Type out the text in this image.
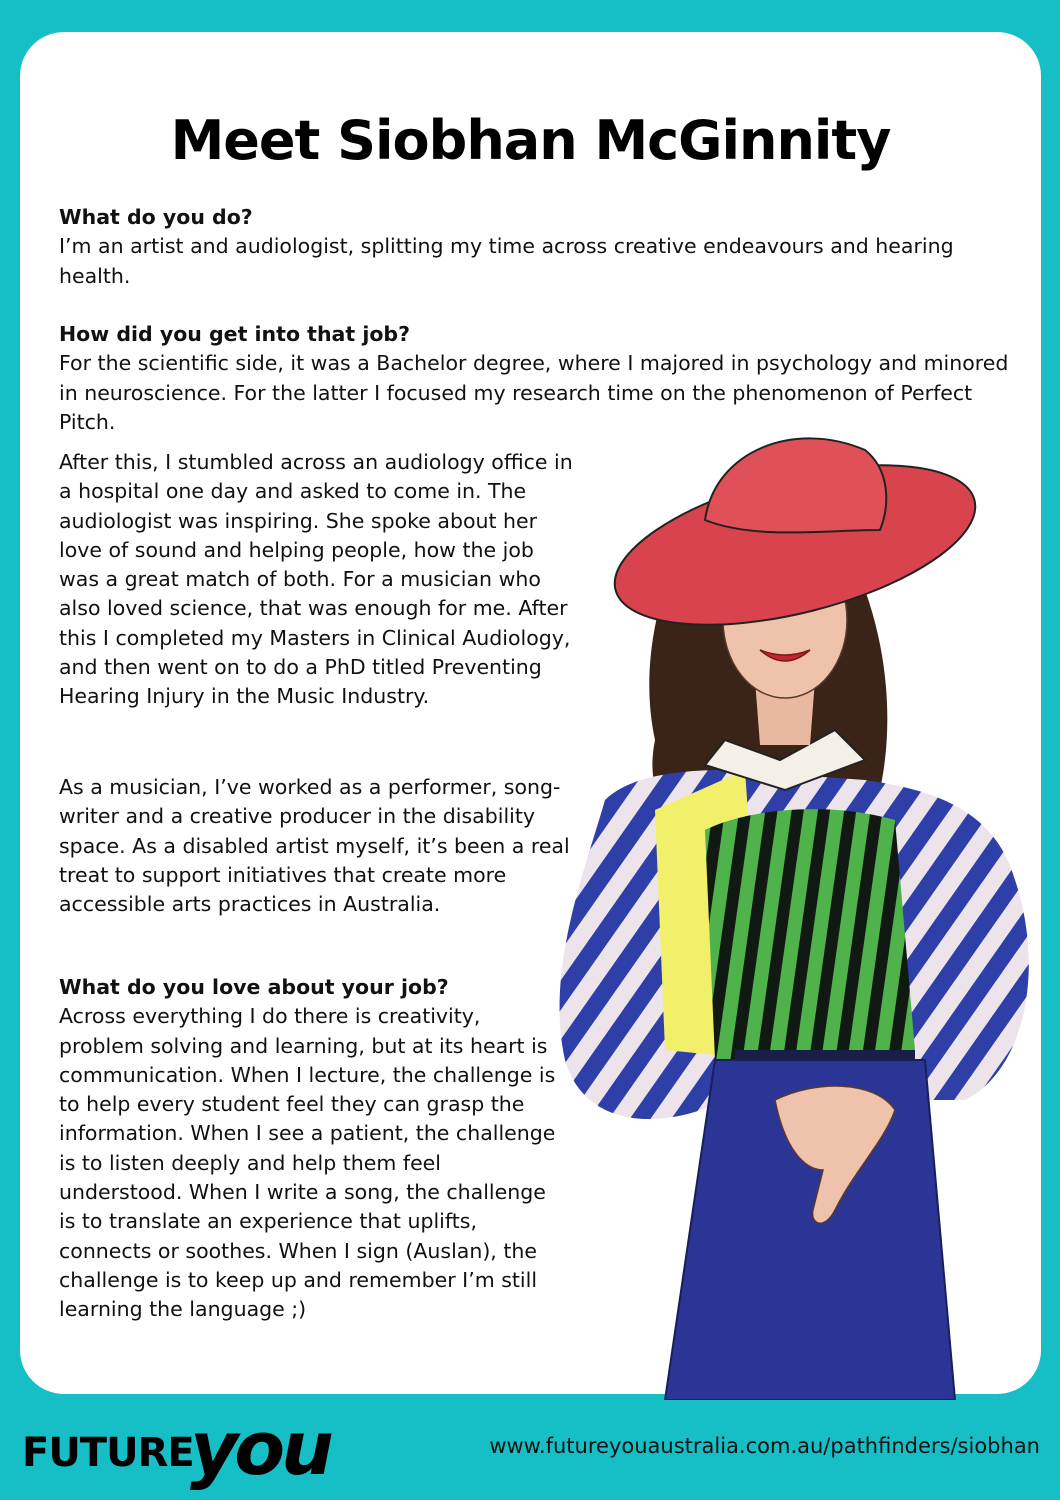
Meet Siobhan McGinnity
What do you do?
I’m an artist and audiologist, splitting my time across creative endeavours and hearing health.
How did you get into that job?
For the scientific side, it was a Bachelor degree, where I majored in psychology and minored in neuroscience. For the latter I focused my research time on the phenomenon of Perfect Pitch.

After this, I stumbled across an audiology office in a hospital one day and asked to come in. The audiologist was inspiring. She spoke about her love of sound and helping people, how the job was a great match of both. For a musician who also loved science, that was enough for me. After this I completed my Masters in Clinical Audiology, and then went on to do a PhD titled Preventing Hearing Injury in the Music Industry.

As a musician, I’ve worked as a performer, song-writer and a creative producer in the disability space. As a disabled artist myself, it’s been a real treat to support initiatives that create more accessible arts practices in Australia.

What do you love about your job?
Across everything I do there is creativity, problem solving and learning, but at its heart is communication. When I lecture, the challenge is to help every student feel they can grasp the information. When I see a patient, the challenge is to listen deeply and help them feel understood. When I write a song, the challenge is to translate an experience that uplifts, connects or soothes. When I sign (Auslan), the challenge is to keep up and remember I’m still learning the language ;)
FUTURE
you	www.futureyouaustralia.com.au/pathfinders/siobhan
